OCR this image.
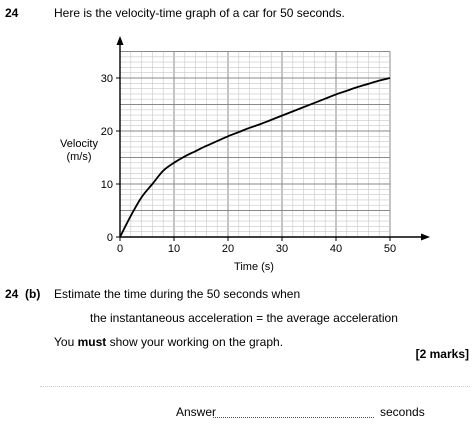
24	Here is the velocity-time graph of a car for 50 seconds.
0	10	20	30	40	50
0
10
20
30
Velocity
(m/s)
Time (s)
24 (b) Estimate the time during the 50 seconds when
the instantaneous acceleration = the average acceleration
You must show your working on the graph.
[2 marks]
Answer	seconds
